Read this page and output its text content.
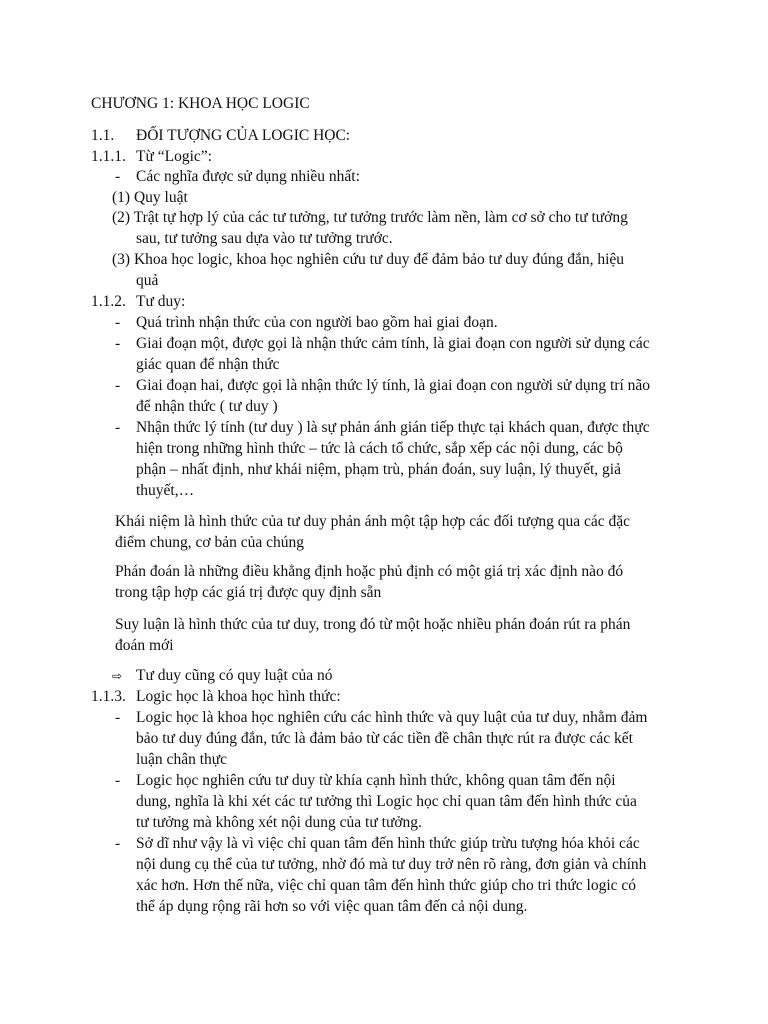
CHƯƠNG 1: KHOA HỌC LOGIC
1.1. ĐỐI TƯỢNG CỦA LOGIC HỌC:
1.1.1. Từ “Logic”:
- Các nghĩa được sử dụng nhiều nhất:
(1) Quy luật
(2) Trật tự hợp lý của các tư tưởng, tư tưởng trước làm nền, làm cơ sở cho tư tưởng
sau, tư tưởng sau dựa vào tư tưởng trước.
(3) Khoa học logic, khoa học nghiên cứu tư duy để đảm bảo tư duy đúng đắn, hiệu
quả
1.1.2. Tư duy:
- Quá trình nhận thức của con người bao gồm hai giai đoạn.
- Giai đoạn một, được gọi là nhận thức cảm tính, là giai đoạn con người sử dụng các
giác quan để nhận thức
- Giai đoạn hai, được gọi là nhận thức lý tính, là giai đoạn con người sử dụng trí não
để nhận thức ( tư duy )
- Nhận thức lý tính (tư duy ) là sự phản ánh gián tiếp thực tại khách quan, được thực
hiện trong những hình thức – tức là cách tổ chức, sắp xếp các nội dung, các bộ
phận – nhất định, như khái niệm, phạm trù, phán đoán, suy luận, lý thuyết, giả
thuyết,…
Khái niệm là hình thức của tư duy phản ánh một tập hợp các đối tượng qua các đặc
điểm chung, cơ bản của chúng
Phán đoán là những điều khẳng định hoặc phủ định có một giá trị xác định nào đó
trong tập hợp các giá trị được quy định sẵn
Suy luận là hình thức của tư duy, trong đó từ một hoặc nhiều phán đoán rút ra phán
đoán mới
⇨ Tư duy cũng có quy luật của nó
1.1.3. Logic học là khoa học hình thức:
- Logic học là khoa học nghiên cứu các hình thức và quy luật của tư duy, nhằm đảm
bảo tư duy đúng đắn, tức là đảm bảo từ các tiền đề chân thực rút ra được các kết
luận chân thực
- Logic học nghiên cứu tư duy từ khía cạnh hình thức, không quan tâm đến nội
dung, nghĩa là khi xét các tư tưởng thì Logic học chỉ quan tâm đến hình thức của
tư tưởng mà không xét nội dung của tư tưởng.
- Sở dĩ như vậy là vì việc chỉ quan tâm đến hình thức giúp trừu tượng hóa khỏi các
nội dung cụ thể của tư tưởng, nhờ đó mà tư duy trở nên rõ ràng, đơn giản và chính
xác hơn. Hơn thế nữa, việc chỉ quan tâm đến hình thức giúp cho tri thức logic có
thể áp dụng rộng rãi hơn so với việc quan tâm đến cả nội dung.
